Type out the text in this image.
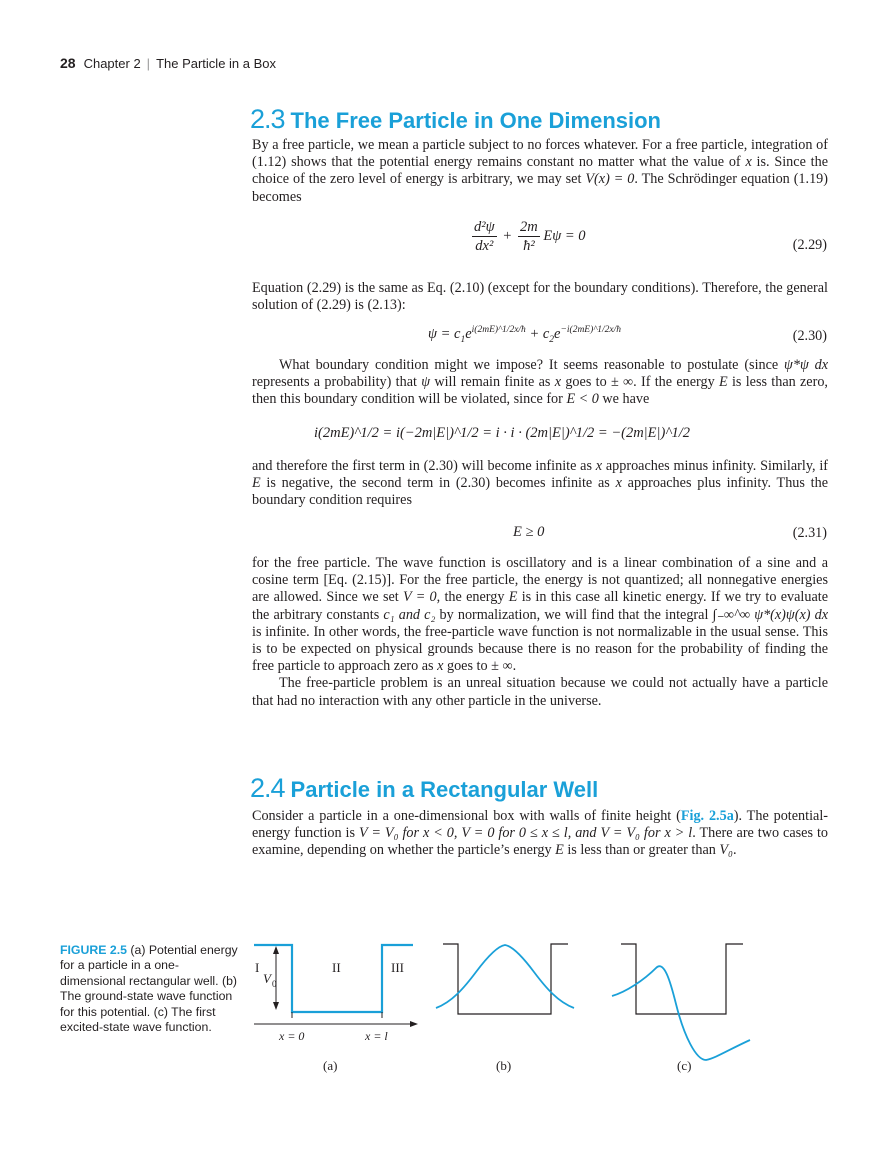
28 Chapter 2 | The Particle in a Box
2.3 The Free Particle in One Dimension

By a free particle, we mean a particle subject to no forces whatever. For a free particle, integration of (1.12) shows that the potential energy remains constant no matter what the value of x is. Since the choice of the zero level of energy is arbitrary, we may set V(x) = 0. The Schrödinger equation (1.19) becomes

$\frac{\text{d²ψ}}{\text{dx²}} + \frac{2m}{\text{ħ²}}$ Eψ = 0
(2.29)

Equation (2.29) is the same as Eq. (2.10) (except for the boundary conditions). Therefore, the general solution of (2.29) is (2.13):

$\psi = c_1e^{i(2mE)\^{}1/2x/ħ} + c_2e^{-i(2mE)\^{}1/2x/ħ}$	(2.30)

What boundary condition might we impose? It seems reasonable to postulate (since ψ*ψ dx represents a probability) that ψ will remain finite as x goes to ± ∞. If the energy E is less than zero, then this boundary condition will be violated, since for E < 0 we have

i(2mE)^1/2 = i(−2m|E|)^1/2 = i · i · (2m|E|)^1/2 = −(2m|E|)^1/2

and therefore the first term in (2.30) will become infinite as x approaches minus infinity. Similarly, if E is negative, the second term in (2.30) becomes infinite as x approaches plus infinity. Thus the boundary condition requires

E ≥ 0	(2.31)

for the free particle. The wave function is oscillatory and is a linear combination of a sine and a cosine term [Eq. (2.15)]. For the free particle, the energy is not quantized; all nonnegative energies are allowed. Since we set V = 0, the energy E is in this case all kinetic energy. If we try to evaluate the arbitrary constants c₁ and c₂ by normalization, we will find that the integral ∫₋∞^∞ ψ*(x)ψ(x) dx is infinite. In other words, the free-particle wave function is not normalizable in the usual sense. This is to be expected on physical grounds because there is no reason for the probability of finding the free particle to approach zero as x goes to ± ∞.

The free-particle problem is an unreal situation because we could not actually have a particle that had no interaction with any other particle in the universe.

2.4 Particle in a Rectangular Well

Consider a particle in a one-dimensional box with walls of finite height (Fig. 2.5a). The potential-energy function is V = V₀ for x < 0, V = 0 for 0 ≤ x ≤ l, and V = V₀ for x > l. There are two cases to examine, depending on whether the particle’s energy E is less than or greater than V₀.

FIGURE 2.5 (a) Potential energy for a particle in a one-dimensional rectangular well. (b) The ground-state wave function for this potential. (c) The first excited-state wave function.
I	II	III
V 0
x = 0	x = l
(a)	(b)	(c)
